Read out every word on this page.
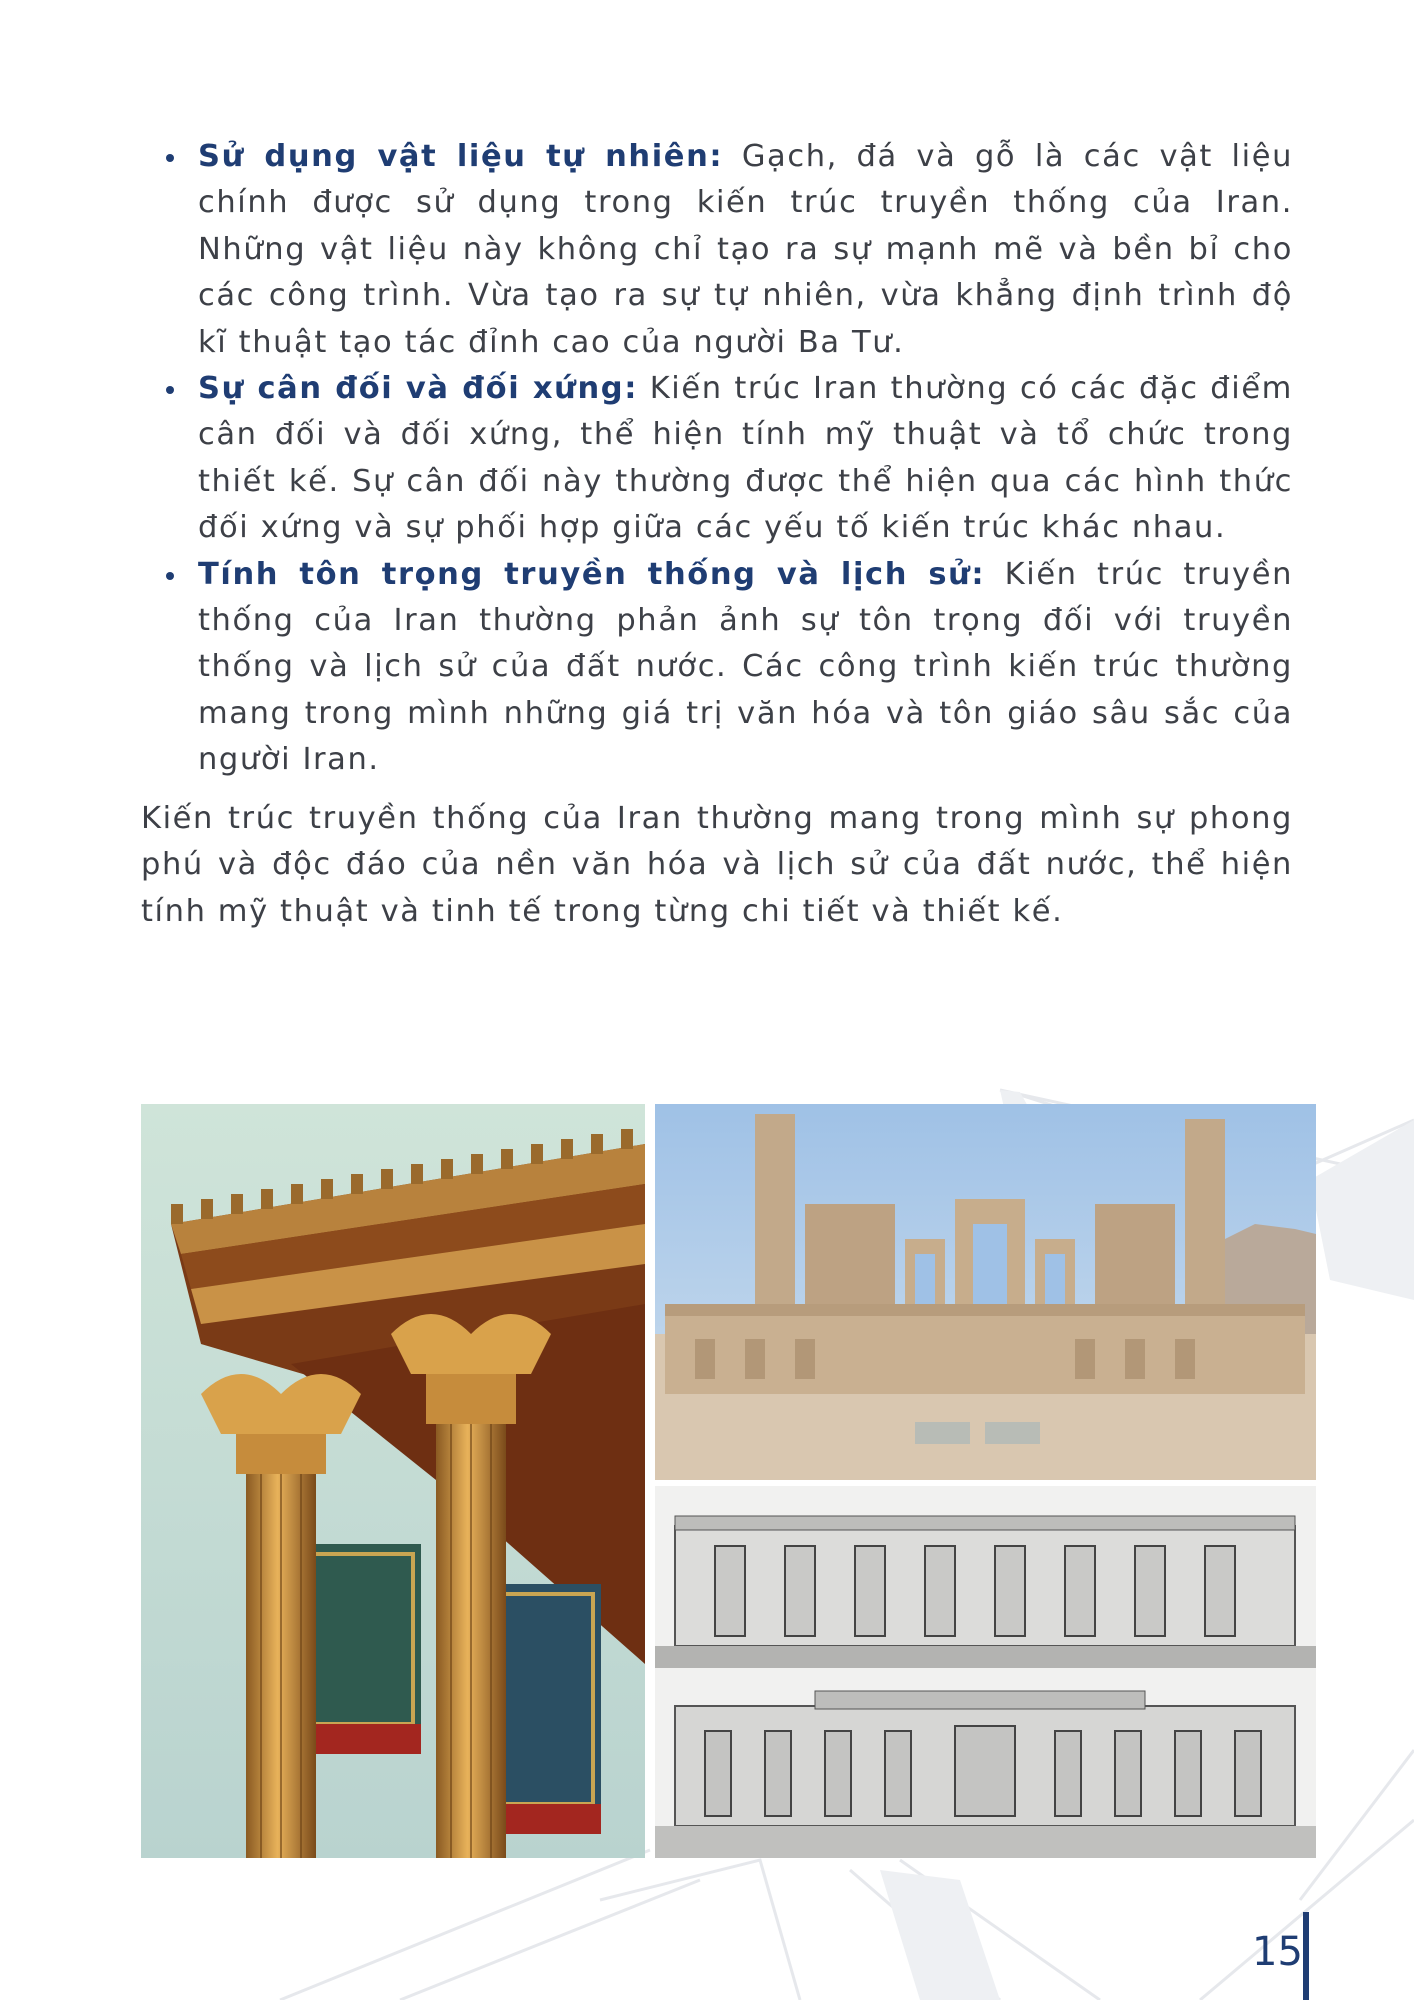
Sử dụng vật liệu tự nhiên: Gạch, đá và gỗ là các vật liệu chính được sử dụng trong kiến trúc truyền thống của Iran. Những vật liệu này không chỉ tạo ra sự mạnh mẽ và bền bỉ cho các công trình. Vừa tạo ra sự tự nhiên, vừa khẳng định trình độ kĩ thuật tạo tác đỉnh cao của người Ba Tư.
Sự cân đối và đối xứng: Kiến trúc Iran thường có các đặc điểm cân đối và đối xứng, thể hiện tính mỹ thuật và tổ chức trong thiết kế. Sự cân đối này thường được thể hiện qua các hình thức đối xứng và sự phối hợp giữa các yếu tố kiến trúc khác nhau.
Tính tôn trọng truyền thống và lịch sử: Kiến trúc truyền thống của Iran thường phản ảnh sự tôn trọng đối với truyền thống và lịch sử của đất nước. Các công trình kiến trúc thường mang trong mình những giá trị văn hóa và tôn giáo sâu sắc của người Iran.

Kiến trúc truyền thống của Iran thường mang trong mình sự phong phú và độc đáo của nền văn hóa và lịch sử của đất nước, thể hiện tính mỹ thuật và tinh tế trong từng chi tiết và thiết kế.

15
